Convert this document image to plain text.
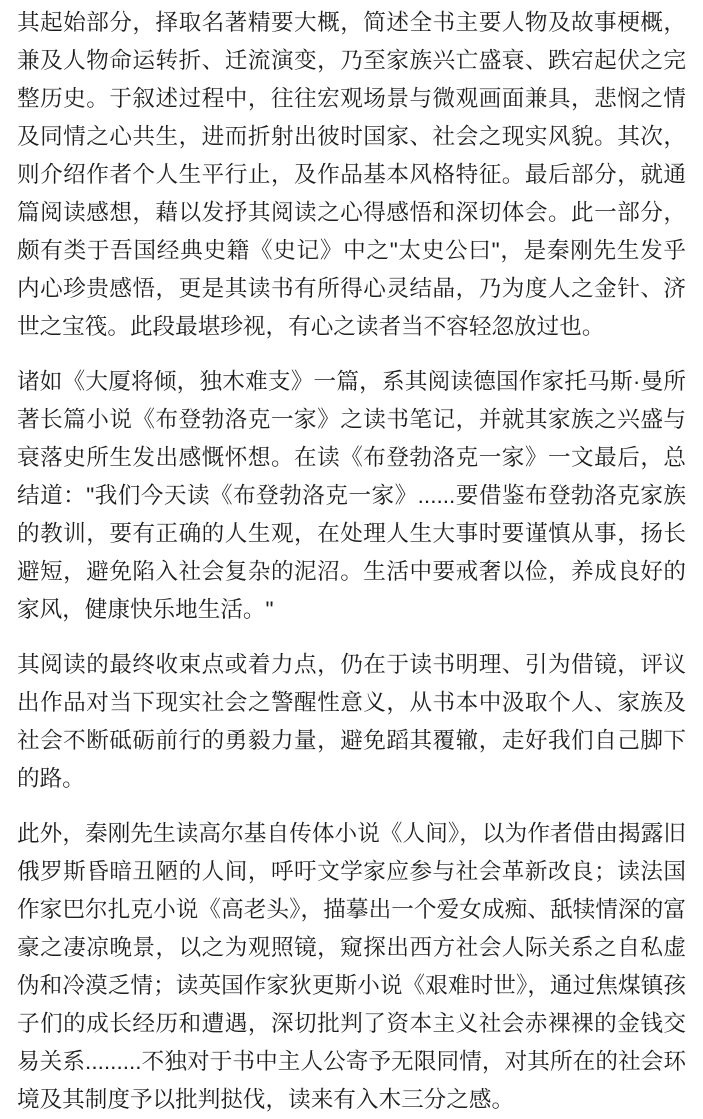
其起始部分，择取名著精要大概，简述全书主要人物及故事梗概，兼及人物命运转折、迁流演变，乃至家族兴亡盛衰、跌宕起伏之完整历史。于叙述过程中，往往宏观场景与微观画面兼具，悲悯之情及同情之心共生，进而折射出彼时国家、社会之现实风貌。其次，则介绍作者个人生平行止，及作品基本风格特征。最后部分，就通篇阅读感想，藉以发抒其阅读之心得感悟和深切体会。此一部分，颇有类于吾国经典史籍《史记》中之"太史公曰"，是秦刚先生发乎内心珍贵感悟，更是其读书有所得心灵结晶，乃为度人之金针、济世之宝筏。此段最堪珍视，有心之读者当不容轻忽放过也。

诸如《大厦将倾，独木难支》一篇，系其阅读德国作家托马斯·曼所著长篇小说《布登勃洛克一家》之读书笔记，并就其家族之兴盛与衰落史所生发出感慨怀想。在读《布登勃洛克一家》一文最后，总结道："我们今天读《布登勃洛克一家》......要借鉴布登勃洛克家族的教训，要有正确的人生观，在处理人生大事时要谨慎从事，扬长避短，避免陷入社会复杂的泥沼。生活中要戒奢以俭，养成良好的家风，健康快乐地生活。"

其阅读的最终收束点或着力点，仍在于读书明理、引为借镜，评议出作品对当下现实社会之警醒性意义，从书本中汲取个人、家族及社会不断砥砺前行的勇毅力量，避免蹈其覆辙，走好我们自己脚下的路。

此外，秦刚先生读高尔基自传体小说《人间》，以为作者借由揭露旧俄罗斯昏暗丑陋的人间，呼吁文学家应参与社会革新改良；读法国作家巴尔扎克小说《高老头》，描摹出一个爱女成痴、舐犊情深的富豪之凄凉晚景，以之为观照镜，窥探出西方社会人际关系之自私虚伪和冷漠乏情；读英国作家狄更斯小说《艰难时世》，通过焦煤镇孩子们的成长经历和遭遇，深切批判了资本主义社会赤裸裸的金钱交易关系.........不独对于书中主人公寄予无限同情，对其所在的社会环境及其制度予以批判挞伐，读来有入木三分之感。
